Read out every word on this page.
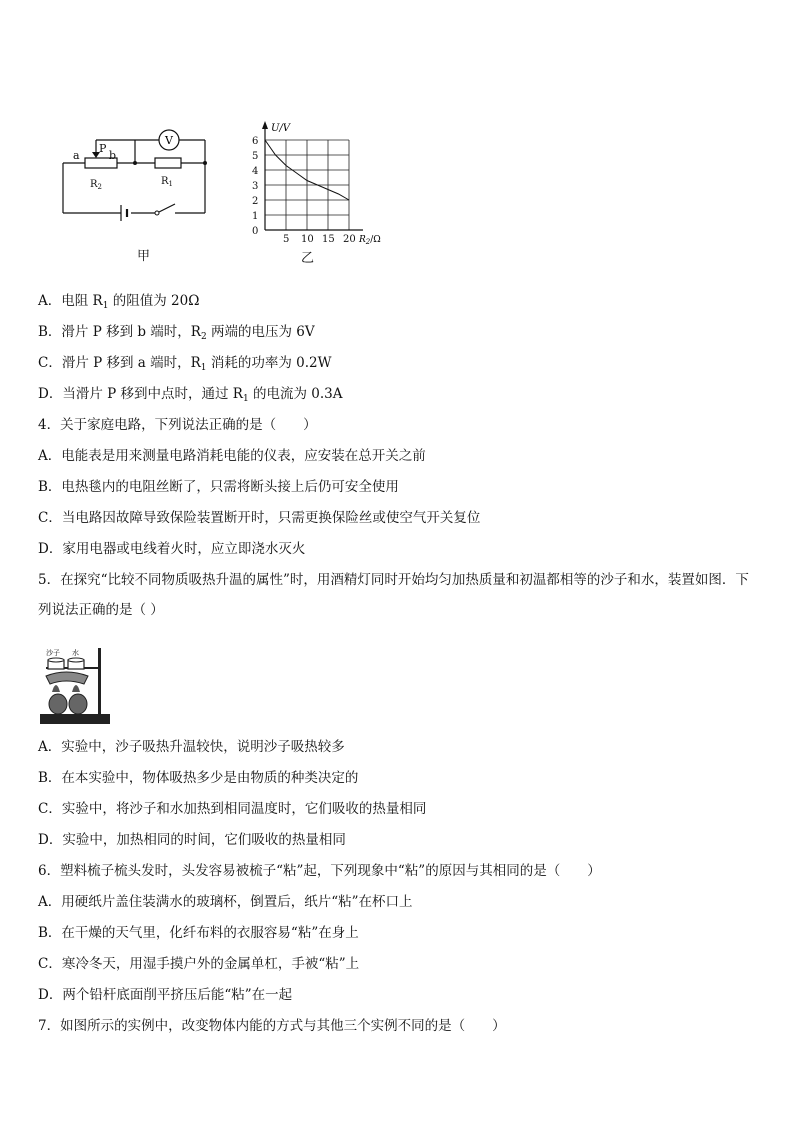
V
a
P
b
$R_2$	$R_1$
甲
0
1
2
3
4
5
6
5 10 15 20
U/V
$R_2/\Omega$
乙
A．电阻 $R_1$ 的阻值为 20Ω
B．滑片 P 移到 b 端时，$R_2$ 两端的电压为 6V
C．滑片 P 移到 a 端时，$R_1$ 消耗的功率为 0.2W
D．当滑片 P 移到中点时，通过 $R_1$ 的电流为 0.3A
4．关于家庭电路，下列说法正确的是（　　）
A．电能表是用来测量电路消耗电能的仪表，应安装在总开关之前
B．电热毯内的电阻丝断了，只需将断头接上后仍可安全使用
C．当电路因故障导致保险装置断开时，只需更换保险丝或使空气开关复位
D．家用电器或电线着火时，应立即浇水灭火
5．在探究“比较不同物质吸热升温的属性”时，用酒精灯同时开始均匀加热质量和初温都相等的沙子和水，装置如图．下列说法正确的是（ ）
沙子 水
A．实验中，沙子吸热升温较快，说明沙子吸热较多
B．在本实验中，物体吸热多少是由物质的种类决定的
C．实验中，将沙子和水加热到相同温度时，它们吸收的热量相同
D．实验中，加热相同的时间，它们吸收的热量相同
6．塑料梳子梳头发时，头发容易被梳子“粘”起，下列现象中“粘”的原因与其相同的是（　　）
A．用硬纸片盖住装满水的玻璃杯，倒置后，纸片“粘”在杯口上
B．在干燥的天气里，化纤布料的衣服容易“粘”在身上
C．寒冷冬天，用湿手摸户外的金属单杠，手被“粘”上
D．两个铅杆底面削平挤压后能“粘”在一起
7．如图所示的实例中，改变物体内能的方式与其他三个实例不同的是（　　）
